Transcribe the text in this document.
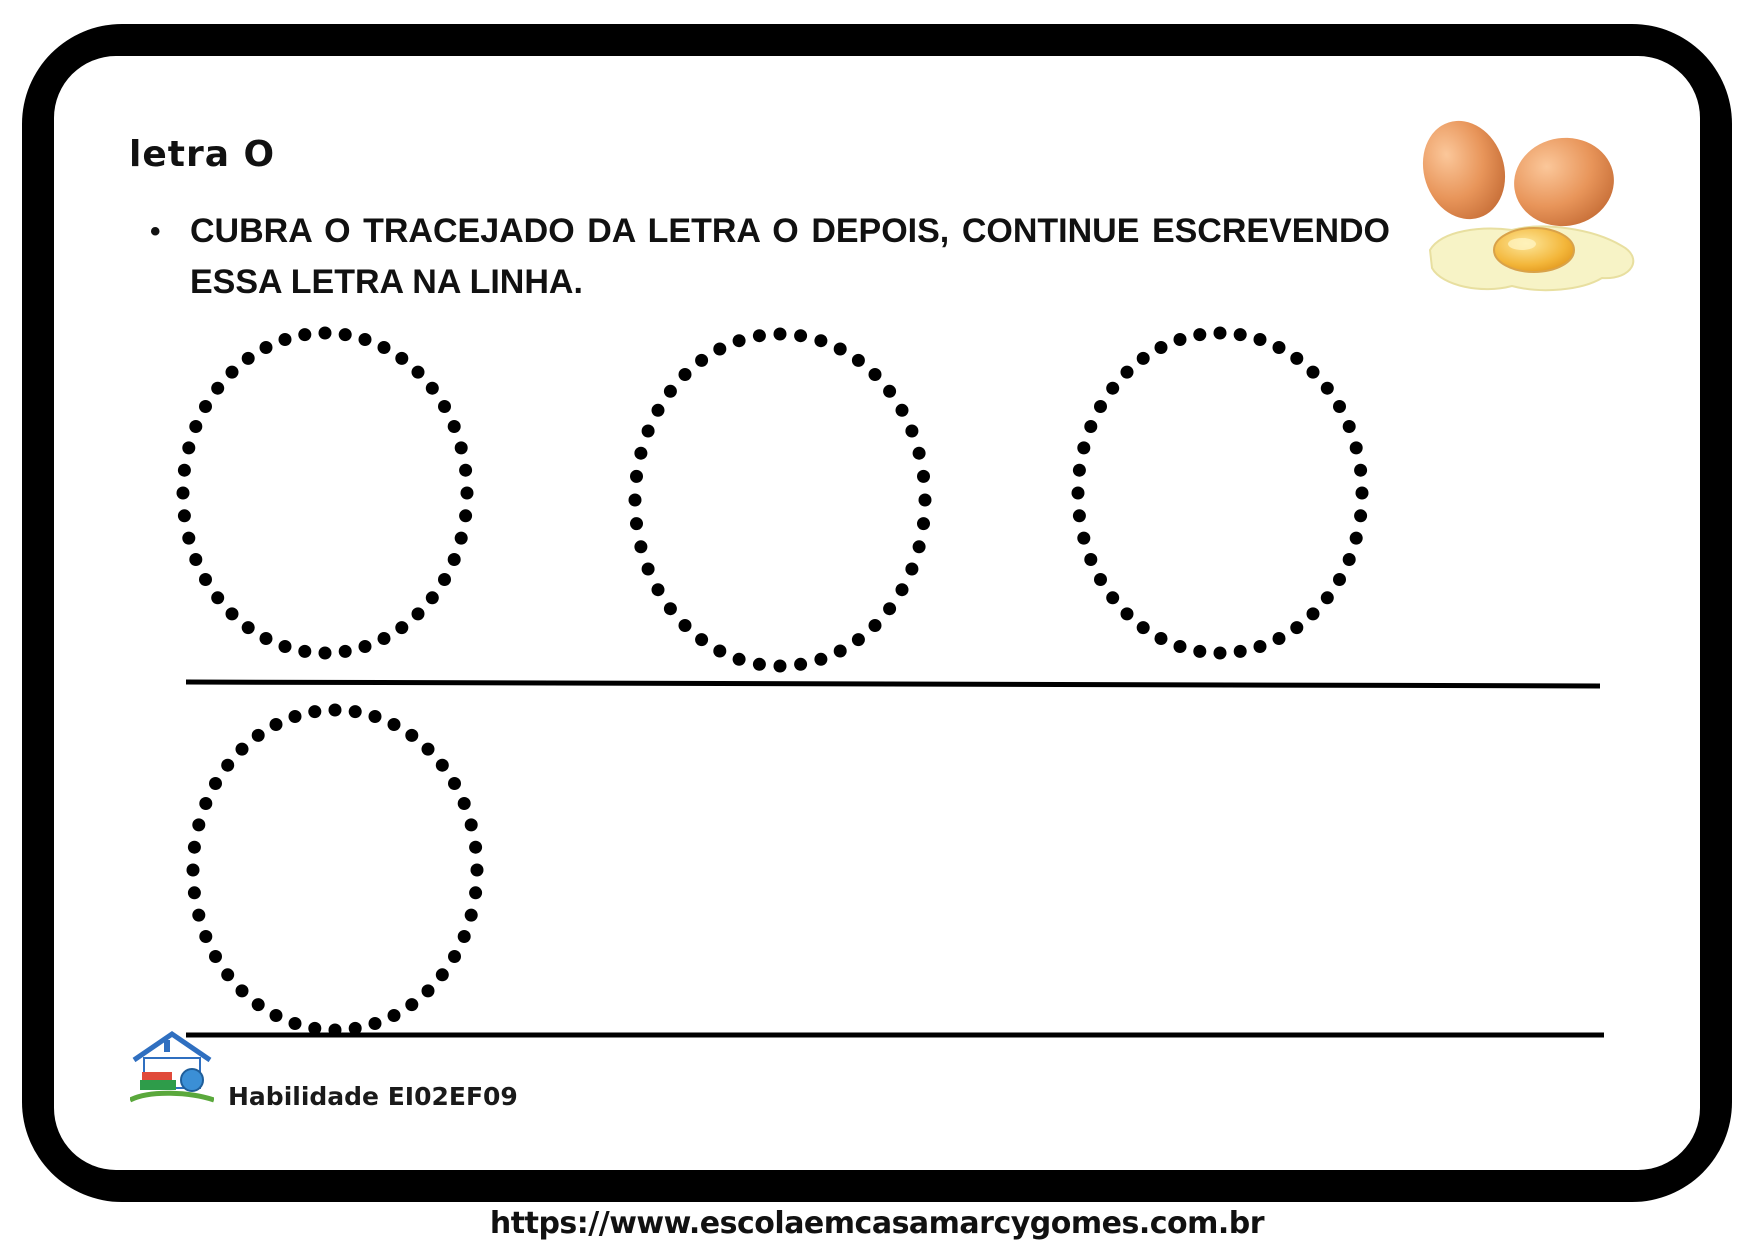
letra O
• CUBRA O TRACEJADO DA LETRA O DEPOIS, CONTINUE ESCREVENDO ESSA LETRA NA LINHA.
Habilidade EI02EF09
https://www.escolaemcasamarcygomes.com.br
